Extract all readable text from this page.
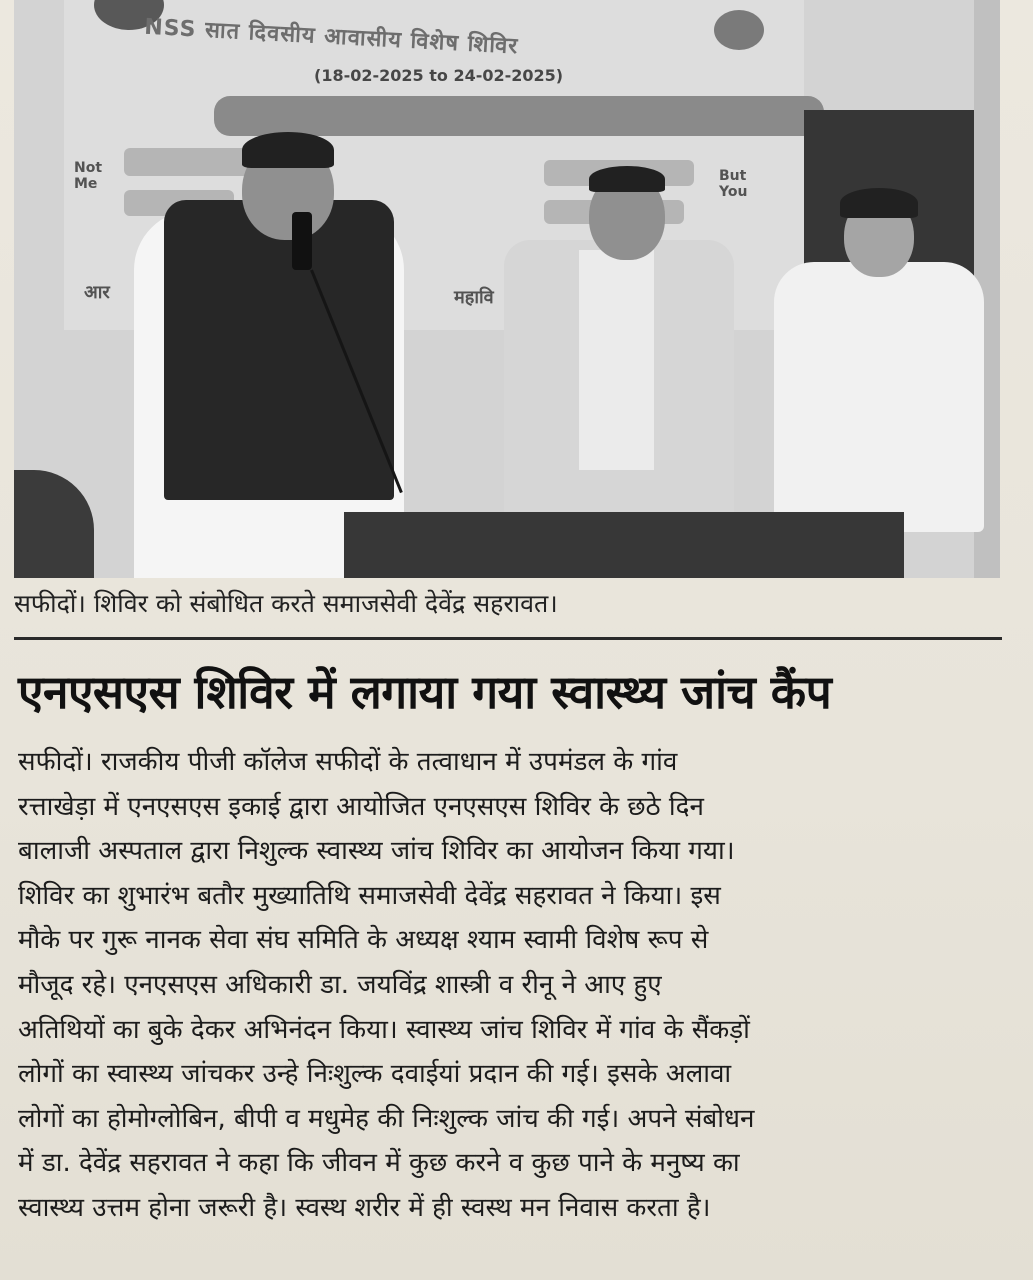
NSS सात दिवसीय आवासीय विशेष शिविर
(18-02-2025 to 24-02-2025)
Not
Me	But
You
आर	महावि
सफीदों। शिविर को संबोधित करते समाजसेवी देवेंद्र सहरावत।
एनएसएस शिविर में लगाया गया स्वास्थ्य जांच कैंप
सफीदों। राजकीय पीजी कॉलेज सफीदों के तत्वाधान में उपमंडल के गांव
रत्ताखेड़ा में एनएसएस इकाई द्वारा आयोजित एनएसएस शिविर के छठे दिन
बालाजी अस्पताल द्वारा निशुल्क स्वास्थ्य जांच शिविर का आयोजन किया गया।
शिविर का शुभारंभ बतौर मुख्यातिथि समाजसेवी देवेंद्र सहरावत ने किया। इस
मौके पर गुरू नानक सेवा संघ समिति के अध्यक्ष श्याम स्वामी विशेष रूप से
मौजूद रहे। एनएसएस अधिकारी डा. जयविंद्र शास्त्री व रीनू ने आए हुए
अतिथियों का बुके देकर अभिनंदन किया। स्वास्थ्य जांच शिविर में गांव के सैंकड़ों
लोगों का स्वास्थ्य जांचकर उन्हे निःशुल्क दवाईयां प्रदान की गई। इसके अलावा
लोगों का होमोग्लोबिन, बीपी व मधुमेह की निःशुल्क जांच की गई। अपने संबोधन
में डा. देवेंद्र सहरावत ने कहा कि जीवन में कुछ करने व कुछ पाने के मनुष्य का
स्वास्थ्य उत्तम होना जरूरी है। स्वस्थ शरीर में ही स्वस्थ मन निवास करता है।
